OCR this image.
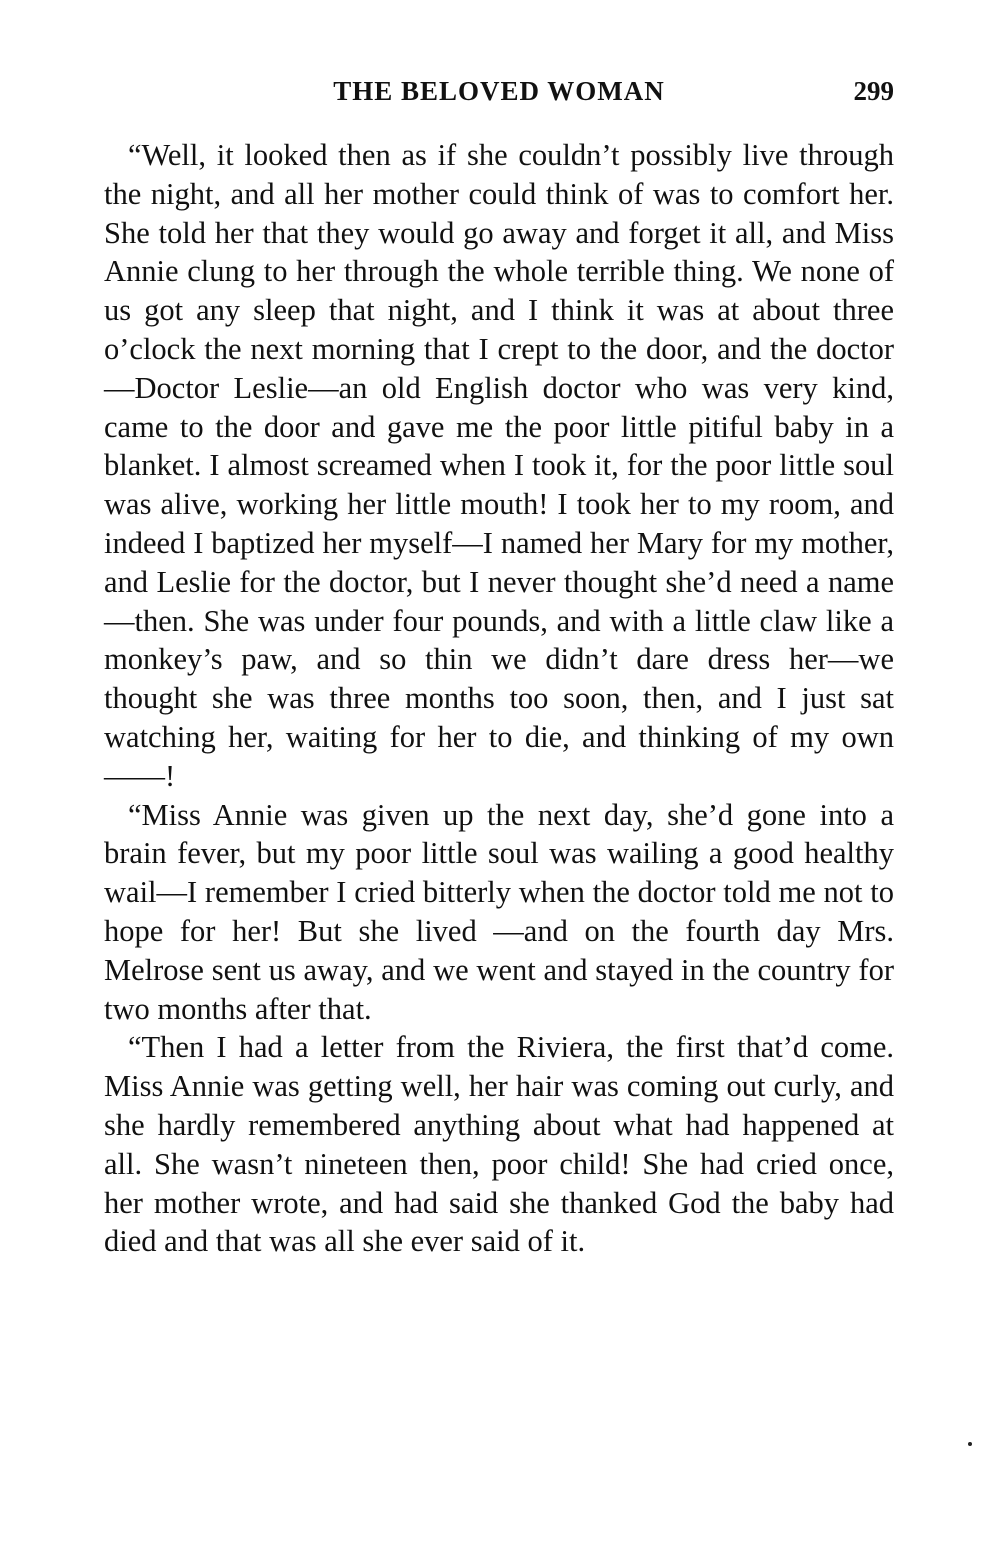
THE BELOVED WOMAN	299

“Well, it looked then as if she couldn’t possibly live through the night, and all her mother could think of was to comfort her. She told her that they would go away and forget it all, and Miss Annie clung to her through the whole terrible thing. We none of us got any sleep that night, and I think it was at about three o’clock the next morning that I crept to the door, and the doctor—Doctor Leslie—an old English doctor who was very kind, came to the door and gave me the poor little pitiful baby in a blanket. I almost screamed when I took it, for the poor little soul was alive, working her little mouth! I took her to my room, and indeed I baptized her myself—I named her Mary for my mother, and Leslie for the doctor, but I never thought she’d need a name—then. She was under four pounds, and with a little claw like a monkey’s paw, and so thin we didn’t dare dress her—we thought she was three months too soon, then, and I just sat watching her, waiting for her to die, and thinking of my own——!

“Miss Annie was given up the next day, she’d gone into a brain fever, but my poor little soul was wailing a good healthy wail—I remember I cried bitterly when the doctor told me not to hope for her! But she lived —and on the fourth day Mrs. Melrose sent us away, and we went and stayed in the country for two months after that.

“Then I had a letter from the Riviera, the first that’d come. Miss Annie was getting well, her hair was coming out curly, and she hardly remembered anything about what had happened at all. She wasn’t nineteen then, poor child! She had cried once, her mother wrote, and had said she thanked God the baby had died and that was all she ever said of it.
